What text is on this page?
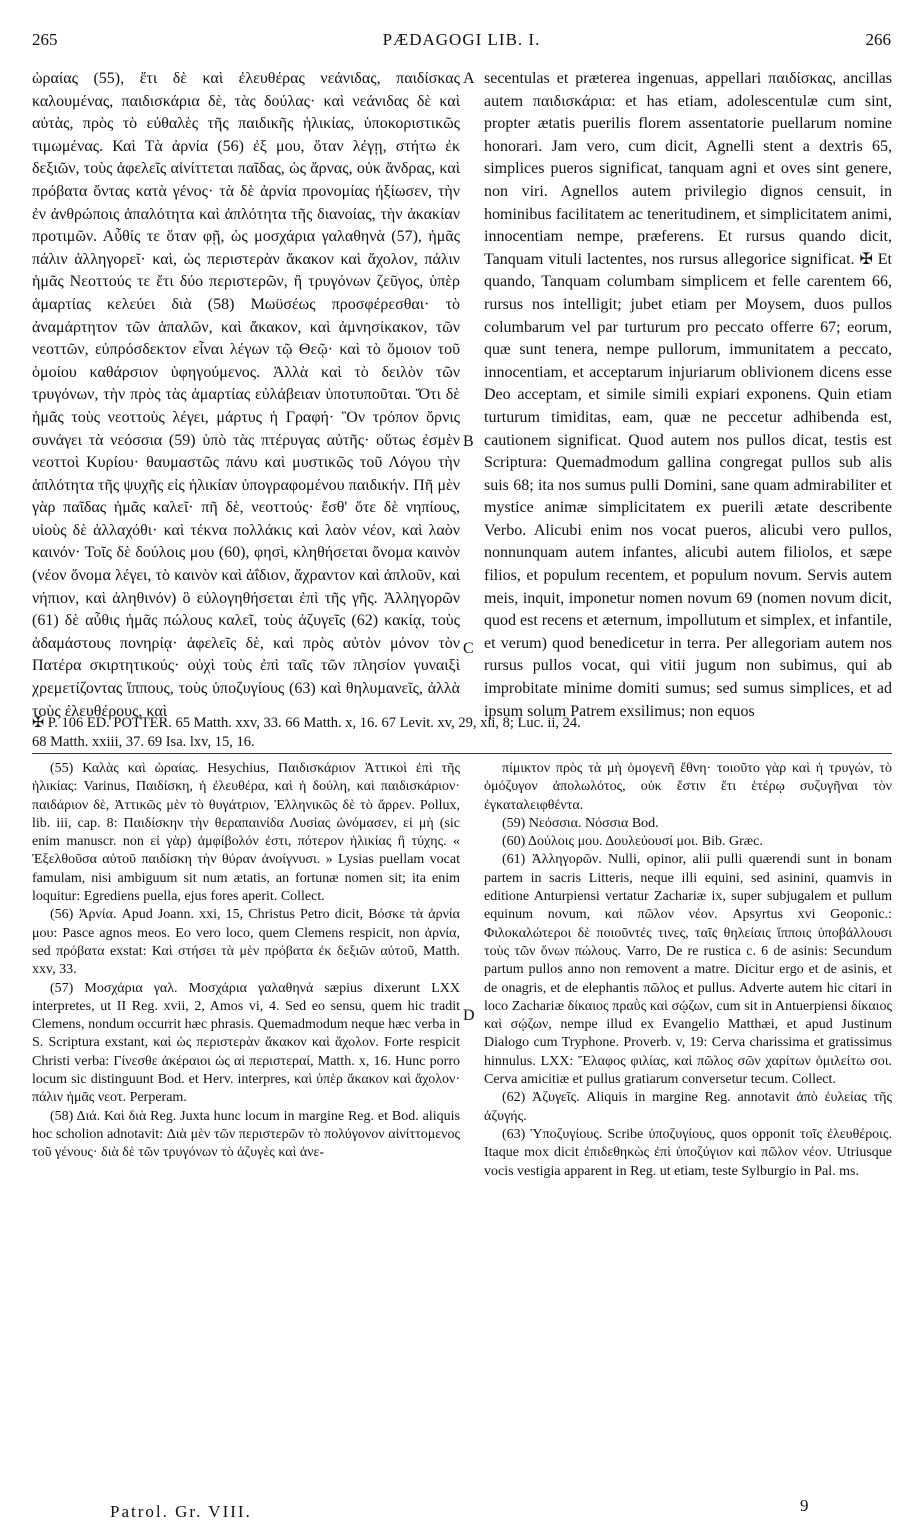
265	PÆDAGOGI LIB. I.	266

ὡραίας (55), ἔτι δὲ καὶ ἐλευθέρας νεάνιδας, παιδίσκας καλουμένας, παιδισκάρια δὲ, τὰς δούλας· καὶ νεάνιδας δὲ καὶ αὐτὰς, πρὸς τὸ εὐθαλὲς τῆς παιδικῆς ἡλικίας, ὑποκοριστικῶς τιμωμένας. Καὶ Τὰ ἀρνία (56) ἐξ μου, ὅταν λέγῃ, στήτω ἐκ δεξιῶν, τοὺς ἀφελεῖς αἰνίττεται παῖδας, ὡς ἄρνας, οὐκ ἄνδρας, καὶ πρόβατα ὄντας κατὰ γένος· τὰ δὲ ἀρνία προνομίας ἠξίωσεν, τὴν ἐν ἀνθρώποις ἁπαλότητα καὶ ἁπλότητα τῆς διανοίας, τὴν ἀκακίαν προτιμῶν. Αὖθίς τε ὅταν φῇ, ὡς μοσχάρια γαλαθηνὰ (57), ἡμᾶς πάλιν ἀλληγορεῖ· καὶ, ὡς περιστερὰν ἄκακον καὶ ἄχολον, πάλιν ἡμᾶς Νεοττούς τε ἔτι δύο περιστερῶν, ἢ τρυγόνων ζεῦγος, ὑπὲρ ἁμαρτίας κελεύει διὰ (58) Μωϋσέως προσφέρεσθαι· τὸ ἀναμάρτητον τῶν ἁπαλῶν, καὶ ἄκακον, καὶ ἀμνησίκακον, τῶν νεοττῶν, εὐπρόσδεκτον εἶναι λέγων τῷ Θεῷ· καὶ τὸ ὅμοιον τοῦ ὁμοίου καθάρσιον ὑφηγούμενος. Ἀλλὰ καὶ τὸ δειλὸν τῶν τρυγόνων, τὴν πρὸς τὰς ἁμαρτίας εὐλάβειαν ὑποτυποῦται. Ὅτι δὲ ἡμᾶς τοὺς νεοττοὺς λέγει, μάρτυς ἡ Γραφή· Ὃν τρόπον ὄρνις συνάγει τὰ νεόσσια (59) ὑπὸ τὰς πτέρυγας αὐτῆς· οὕτως ἐσμὲν νεοττοὶ Κυρίου· θαυμαστῶς πάνυ καὶ μυστικῶς τοῦ Λόγου τὴν ἁπλότητα τῆς ψυχῆς εἰς ἡλικίαν ὑπογραφομένου παιδικήν. Πῆ μὲν γὰρ παῖδας ἡμᾶς καλεῖ· πῆ δὲ, νεοττούς· ἔσθ' ὅτε δὲ νηπίους, υἱοὺς δὲ ἀλλαχόθι· καὶ τέκνα πολλάκις καὶ λαὸν νέον, καὶ λαὸν καινόν· Τοῖς δὲ δούλοις μου (60), φησὶ, κληθήσεται ὄνομα καινὸν (νέον ὄνομα λέγει, τὸ καινὸν καὶ ἀΐδιον, ἄχραντον καὶ ἁπλοῦν, καὶ νήπιον, καὶ ἀληθινόν) ὃ εὐλογηθήσεται ἐπὶ τῆς γῆς. Ἀλληγορῶν (61) δὲ αὖθις ἡμᾶς πώλους καλεῖ, τοὺς ἀζυγεῖς (62) κακίᾳ, τοὺς ἀδαμάστους πονηρίᾳ· ἀφελεῖς δὲ, καὶ πρὸς αὐτὸν μόνον τὸν Πατέρα σκιρτητικούς· οὐχὶ τοὺς ἐπὶ ταῖς τῶν πλησίον γυναιξὶ χρεμετίζοντας ἵππους, τοὺς ὑποζυγίους (63) καὶ θηλυμανεῖς, ἀλλὰ τοὺς ἐλευθέρους, καὶ

secentulas et præterea ingenuas, appellari παιδίσκας, ancillas autem παιδισκάρια: et has etiam, adolescentulæ cum sint, propter ætatis puerilis florem assentatorie puellarum nomine honorari. Jam vero, cum dicit, Agnelli stent a dextris 65, simplices pueros significat, tanquam agni et oves sint genere, non viri. Agnellos autem privilegio dignos censuit, in hominibus facilitatem ac teneritudinem, et simplicitatem animi, innocentiam nempe, præferens. Et rursus quando dicit, Tanquam vituli lactentes, nos rursus allegorice significat. ✠ Et quando, Tanquam columbam simplicem et felle carentem 66, rursus nos intelligit; jubet etiam per Moysem, duos pullos columbarum vel par turturum pro peccato offerre 67; eorum, quæ sunt tenera, nempe pullorum, immunitatem a peccato, innocentiam, et acceptarum injuriarum oblivionem dicens esse Deo acceptam, et simile simili expiari exponens. Quin etiam turturum timiditas, eam, quæ ne peccetur adhibenda est, cautionem significat. Quod autem nos pullos dicat, testis est Scriptura: Quemadmodum gallina congregat pullos sub alis suis 68; ita nos sumus pulli Domini, sane quam admirabiliter et mystice animæ simplicitatem ex puerili ætate describente Verbo. Alicubi enim nos vocat pueros, alicubi vero pullos, nonnunquam autem infantes, alicubi autem filiolos, et sæpe filios, et populum recentem, et populum novum. Servis autem meis, inquit, imponetur nomen novum 69 (nomen novum dicit, quod est recens et æternum, impollutum et simplex, et infantile, et verum) quod benedicetur in terra. Per allegoriam autem nos rursus pullos vocat, qui vitii jugum non subimus, qui ab improbitate minime domiti sumus; sed sumus simplices, et ad ipsum solum Patrem exsilimus; non equos

A
B
C
D

✠ P. 106 ED. POTTER. 65 Matth. xxv, 33. 66 Matth. x, 16. 67 Levit. xv, 29, xii, 8; Luc. ii, 24.

68 Matth. xxiii, 37. 69 Isa. lxv, 15, 16.

(55) Καλὰς καὶ ὡραίας. Hesychius, Παιδισκάριον Ἀττικοὶ ἐπὶ τῆς ἡλικίας: Varinus, Παιδίσκη, ἡ ἐλευθέρα, καὶ ἡ δούλη, καὶ παιδισκάριον· παιδάριον δὲ, Ἀττικῶς μὲν τὸ θυγάτριον, Ἑλληνικῶς δὲ τὸ ἄρρεν. Pollux, lib. iii, cap. 8: Παιδίσκην τὴν θεραπαινίδα Λυσίας ὠνόμασεν, εἰ μὴ (sic enim manuscr. non εἰ γὰρ) ἀμφίβολόν ἐστι, πότερον ἡλικίας ἢ τύχης. « Ἐξελθοῦσα αὐτοῦ παιδίσκη τὴν θύραν ἀνοίγνυσι. » Lysias puellam vocat famulam, nisi ambiguum sit num ætatis, an fortunæ nomen sit; ita enim loquitur: Egrediens puella, ejus fores aperit. Collect.

(56) Ἀρνία. Apud Joann. xxi, 15, Christus Petro dicit, Βόσκε τὰ ἀρνία μου: Pasce agnos meos. Eo vero loco, quem Clemens respicit, non ἀρνία, sed πρόβατα exstat: Καὶ στήσει τὰ μὲν πρόβατα ἐκ δεξιῶν αὐτοῦ, Matth. xxv, 33.

(57) Μοσχάρια γαλ. Μοσχάρια γαλαθηνά sæpius dixerunt LXX interpretes, ut II Reg. xvii, 2, Amos vi, 4. Sed eo sensu, quem hic tradit Clemens, nondum occurrit hæc phrasis. Quemadmodum neque hæc verba in S. Scriptura exstant, καὶ ὡς περιστερὰν ἄκακον καὶ ἄχολον. Forte respicit Christi verba: Γίνεσθε ἀκέραιοι ὡς αἱ περιστεραί, Matth. x, 16. Hunc porro locum sic distinguunt Bod. et Herv. interpres, καὶ ὑπὲρ ἄκακον καὶ ἄχολον· πάλιν ἡμᾶς νεοτ. Perperam.

(58) Διά. Καὶ διὰ Reg. Juxta hunc locum in margine Reg. et Bod. aliquis hoc scholion adnotavit: Διὰ μὲν τῶν περιστερῶν τὸ πολύγονον αἰνίττομενος τοῦ γένους· διὰ δὲ τῶν τρυγόνων τὸ ἀζυγὲς καὶ ἀνε-

πίμικτον πρὸς τὰ μὴ ὁμογενῆ ἔθνη· τοιοῦτο γὰρ καὶ ἡ τρυγών, τὸ ὁμόζυγον ἀπολωλότος, οὐκ ἔστιν ἔτι ἑτέρῳ συζυγῆναι τὸν ἐγκαταλειφθέντα.

(59) Νεόσσια. Νόσσια Bod.

(60) Δούλοις μου. Δουλεύουσί μοι. Bib. Græc.

(61) Ἀλληγορῶν. Nulli, opinor, alii pulli quærendi sunt in bonam partem in sacris Litteris, neque illi equini, sed asinini, quamvis in editione Anturpiensi vertatur Zachariæ ix, super subjugalem et pullum equinum novum, καὶ πῶλον νέον. Apsyrtus xvi Geoponic.: Φιλοκαλώτεροι δὲ ποιοῦντές τινες, ταῖς θηλείαις ἵπποις ὑποβάλλουσι τοὺς τῶν ὄνων πώλους. Varro, De re rustica c. 6 de asinis: Secundum partum pullos anno non removent a matre. Dicitur ergo et de asinis, et de onagris, et de elephantis πῶλος et pullus. Adverte autem hic citari in loco Zachariæ δίκαιος πραῢς καὶ σῴζων, cum sit in Antuerpiensi δίκαιος καὶ σῴζων, nempe illud ex Evangelio Matthæi, et apud Justinum Dialogo cum Tryphone. Proverb. v, 19: Cerva charissima et gratissimus hinnulus. LXX: Ἔλαφος φιλίας, καὶ πῶλος σῶν χαρίτων ὁμιλείτω σοι. Cerva amicitiæ et pullus gratiarum conversetur tecum. Collect.

(62) Ἀζυγεῖς. Aliquis in margine Reg. annotavit ἀπὸ ἐυλείας τῆς ἀζυγής.

(63) Ὑποζυγίους. Scribe ὑποζυγίους, quos opponit τοῖς ἐλευθέροις. Itaque mox dicit ἐπιδεθηκὼς ἐπὶ ὑποζύγιον καὶ πῶλον νέον. Utriusque vocis vestigia apparent in Reg. ut etiam, teste Sylburgio in Pal. ms.

Patrol. Gr. VIII.	9
